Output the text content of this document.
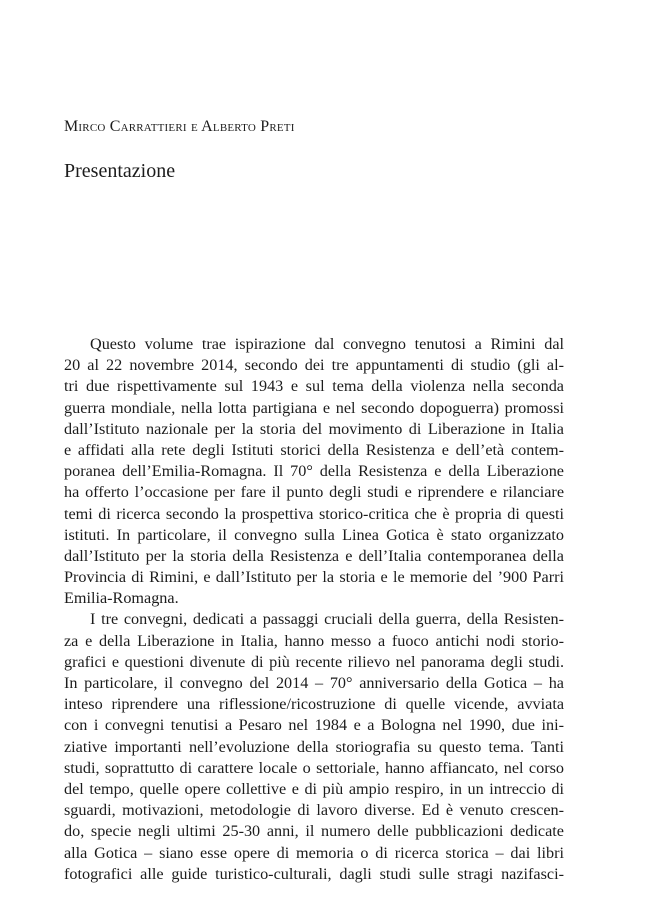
Mirco Carrattieri e Alberto Preti
Presentazione
Questo volume trae ispirazione dal convegno tenutosi a Rimini dal
20 al 22 novembre 2014, secondo dei tre appuntamenti di studio (gli al-
tri due rispettivamente sul 1943 e sul tema della violenza nella seconda
guerra mondiale, nella lotta partigiana e nel secondo dopoguerra) promossi
dall’Istituto nazionale per la storia del movimento di Liberazione in Italia
e affidati alla rete degli Istituti storici della Resistenza e dell’età contem-
poranea dell’Emilia-Romagna. Il 70° della Resistenza e della Liberazione
ha offerto l’occasione per fare il punto degli studi e riprendere e rilanciare
temi di ricerca secondo la prospettiva storico-critica che è propria di questi
istituti. In particolare, il convegno sulla Linea Gotica è stato organizzato
dall’Istituto per la storia della Resistenza e dell’Italia contemporanea della
Provincia di Rimini, e dall’Istituto per la storia e le memorie del ’900 Parri
Emilia-Romagna.
I tre convegni, dedicati a passaggi cruciali della guerra, della Resisten-
za e della Liberazione in Italia, hanno messo a fuoco antichi nodi storio-
grafici e questioni divenute di più recente rilievo nel panorama degli studi.
In particolare, il convegno del 2014 – 70° anniversario della Gotica – ha
inteso riprendere una riflessione/ricostruzione di quelle vicende, avviata
con i convegni tenutisi a Pesaro nel 1984 e a Bologna nel 1990, due ini-
ziative importanti nell’evoluzione della storiografia su questo tema. Tanti
studi, soprattutto di carattere locale o settoriale, hanno affiancato, nel corso
del tempo, quelle opere collettive e di più ampio respiro, in un intreccio di
sguardi, motivazioni, metodologie di lavoro diverse. Ed è venuto crescen-
do, specie negli ultimi 25-30 anni, il numero delle pubblicazioni dedicate
alla Gotica – siano esse opere di memoria o di ricerca storica – dai libri
fotografici alle guide turistico-culturali, dagli studi sulle stragi nazifasci-
